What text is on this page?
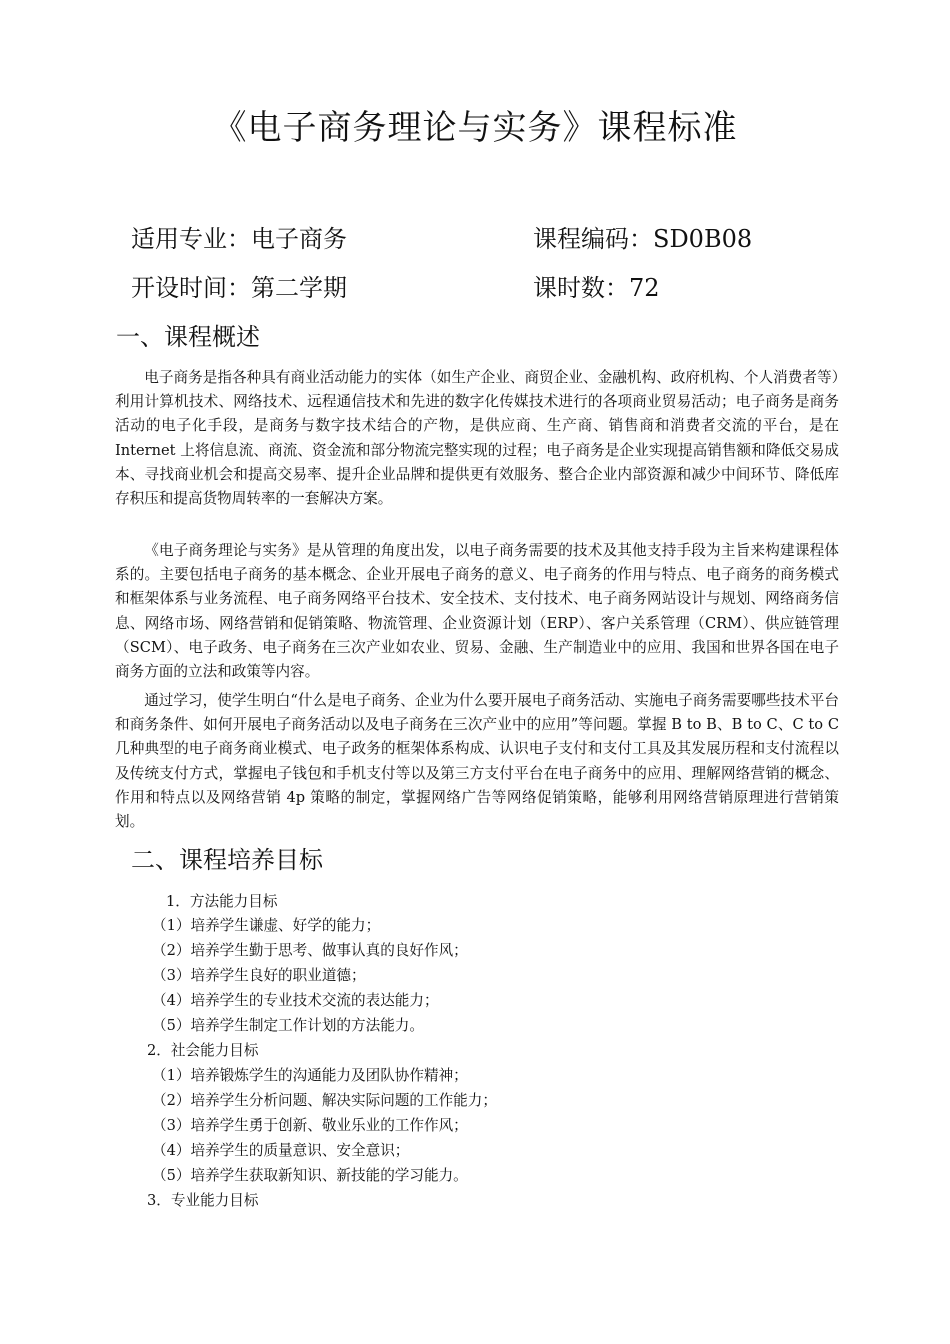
《电子商务理论与实务》课程标准
适用专业：电子商务	课程编码：SD0B08
开设时间：第二学期	课时数：72
一、课程概述

电子商务是指各种具有商业活动能力的实体（如生产企业、商贸企业、金融机构、政府机构、个人消费者等）利用计算机技术、网络技术、远程通信技术和先进的数字化传媒技术进行的各项商业贸易活动；电子商务是商务活动的电子化手段，是商务与数字技术结合的产物，是供应商、生产商、销售商和消费者交流的平台，是在 Internet 上将信息流、商流、资金流和部分物流完整实现的过程；电子商务是企业实现提高销售额和降低交易成本、寻找商业机会和提高交易率、提升企业品牌和提供更有效服务、整合企业内部资源和减少中间环节、降低库存积压和提高货物周转率的一套解决方案。

《电子商务理论与实务》是从管理的角度出发，以电子商务需要的技术及其他支持手段为主旨来构建课程体系的。主要包括电子商务的基本概念、企业开展电子商务的意义、电子商务的作用与特点、电子商务的商务模式和框架体系与业务流程、电子商务网络平台技术、安全技术、支付技术、电子商务网站设计与规划、网络商务信息、网络市场、网络营销和促销策略、物流管理、企业资源计划（ERP）、客户关系管理（CRM）、供应链管理（SCM）、电子政务、电子商务在三次产业如农业、贸易、金融、生产制造业中的应用、我国和世界各国在电子商务方面的立法和政策等内容。

通过学习，使学生明白“什么是电子商务、企业为什么要开展电子商务活动、实施电子商务需要哪些技术平台和商务条件、如何开展电子商务活动以及电子商务在三次产业中的应用”等问题。掌握 B to B、B to C、C to C 几种典型的电子商务商业模式、电子政务的框架体系构成、认识电子支付和支付工具及其发展历程和支付流程以及传统支付方式，掌握电子钱包和手机支付等以及第三方支付平台在电子商务中的应用、理解网络营销的概念、作用和特点以及网络营销 4p 策略的制定，掌握网络广告等网络促销策略，能够利用网络营销原理进行营销策划。

二、课程培养目标
1．方法能力目标
（1）培养学生谦虚、好学的能力；
（2）培养学生勤于思考、做事认真的良好作风；
（3）培养学生良好的职业道德；
（4）培养学生的专业技术交流的表达能力；
（5）培养学生制定工作计划的方法能力。
2．社会能力目标
（1）培养锻炼学生的沟通能力及团队协作精神；
（2）培养学生分析问题、解决实际问题的工作能力；
（3）培养学生勇于创新、敬业乐业的工作作风；
（4）培养学生的质量意识、安全意识；
（5）培养学生获取新知识、新技能的学习能力。
3．专业能力目标
